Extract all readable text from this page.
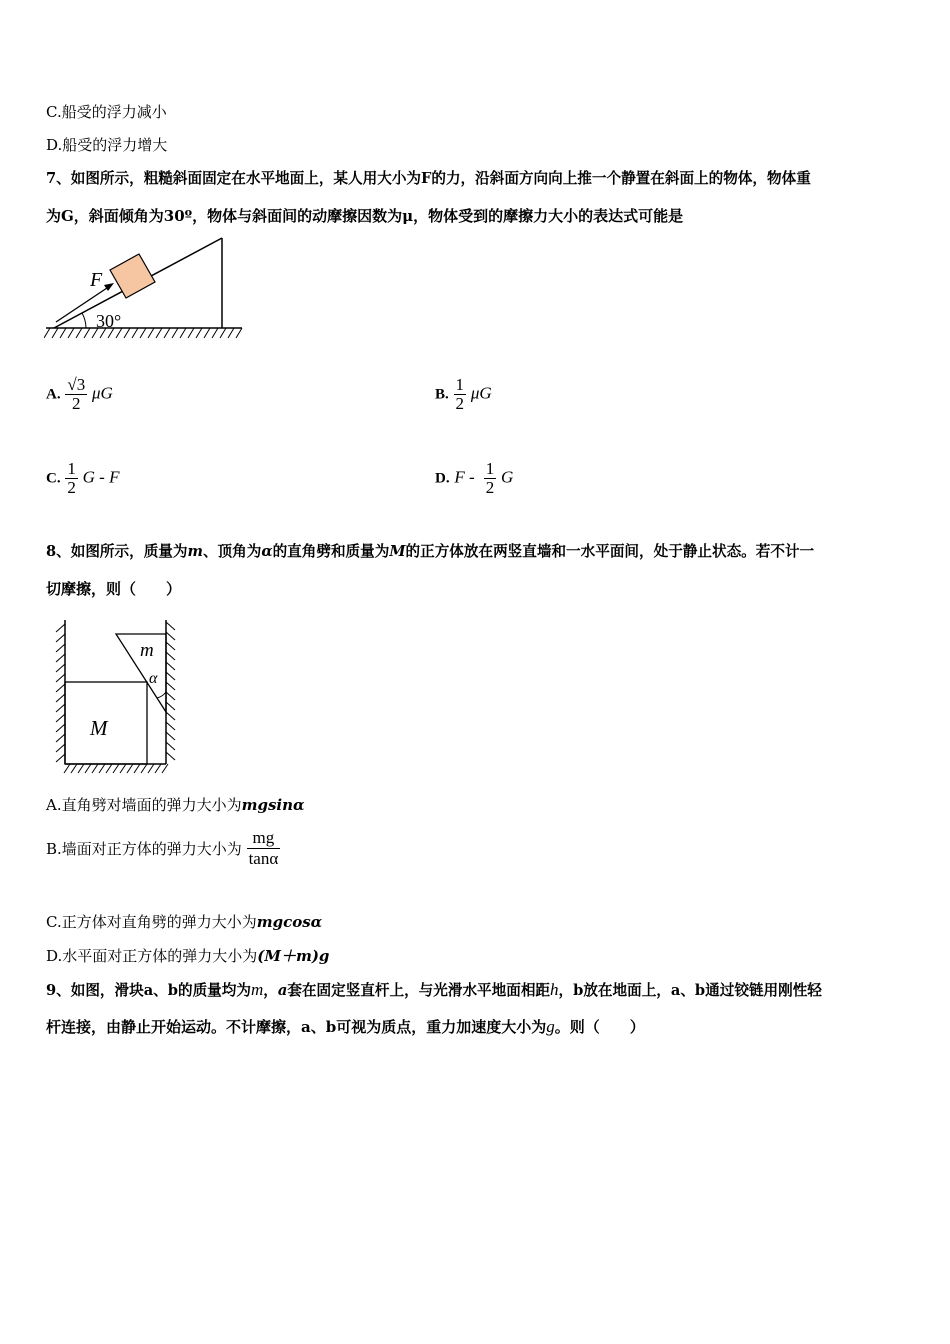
C.船受的浮力减小
D.船受的浮力增大
7、如图所示，粗糙斜面固定在水平地面上，某人用大小为F的力，沿斜面方向向上推一个静置在斜面上的物体，物体重
为G，斜面倾角为30º，物体与斜面间的动摩擦因数为μ，物体受到的摩擦力大小的表达式可能是
F
30°
A. $\frac{√3}{2}$ μG	B. $\frac{1}{2}$ μG
C. $\frac{1}{2}$ G - F	D. F - $\frac{1}{2}$ G
8、如图所示，质量为m、顶角为α的直角劈和质量为M的正方体放在两竖直墙和一水平面间，处于静止状态。若不计一
切摩擦，则（　　）
m
α
M
A.直角劈对墙面的弹力大小为mgsinα
B.墙面对正方体的弹力大小为 $\frac{mg}{\tan\alpha}$
C.正方体对直角劈的弹力大小为mgcosα
D.水平面对正方体的弹力大小为(M＋m)g
9、如图，滑块a、b的质量均为m，a套在固定竖直杆上，与光滑水平地面相距h，b放在地面上，a、b通过铰链用刚性轻
杆连接，由静止开始运动。不计摩擦，a、b可视为质点，重力加速度大小为g。则（　　）
